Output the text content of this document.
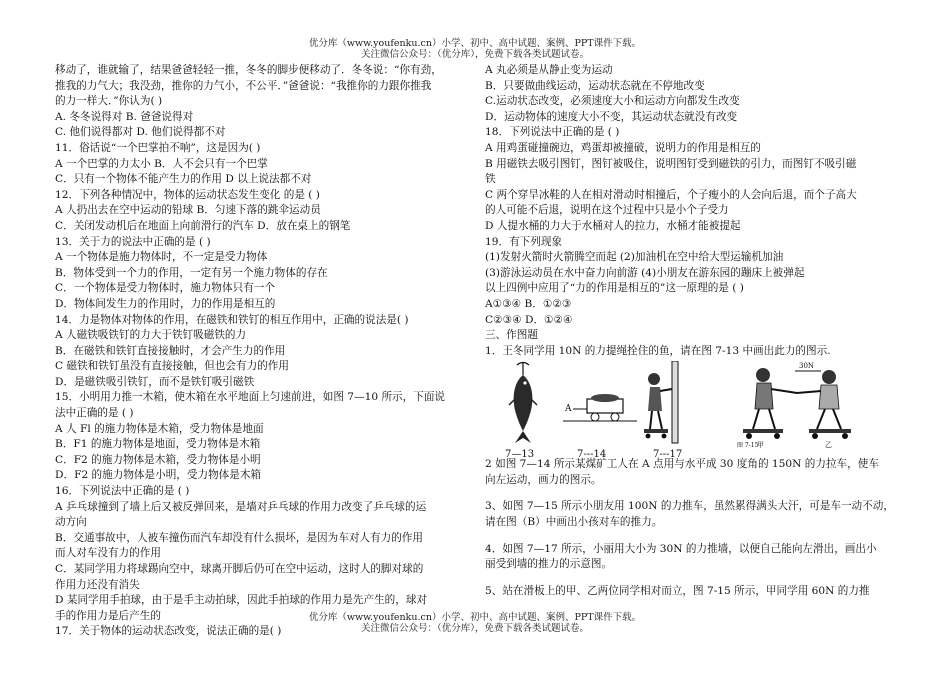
优分库（www.youfenku.cn）小学、初中、高中试题、案例、PPT课件下载。
关注微信公众号：（优分库），免费下载各类试题试卷。
移动了，谁就输了，结果爸爸轻轻一推，冬冬的脚步便移动了．冬冬说：“你有劲，
推我的力气大；我没劲，推你的力气小，不公平．”爸爸说：“我推你的力跟你推我
的力一样大．”你认为( )
A. 冬冬说得对 B. 爸爸说得对
C. 他们说得都对 D. 他们说得都不对
11．俗话说“一个巴掌拍不响”，这是因为( )
A 一个巴掌的力太小 B．人不会只有一个巴掌
C．只有一个物体不能产生力的作用 D 以上说法都不对
12．下列各种情况中，物体的运动状态发生变化 的是 ( )
A 人扔出去在空中运动的铅球 B．匀速下落的跳伞运动员
C．关闭发动机后在地面上向前滑行的汽车 D．放在桌上的钢笔
13．关于力的说法中正确的是 ( )
A 一个物体是施力物体时，不一定是受力物体
B．物体受到一个力的作用，一定有另一个施力物体的存在
C．一个物体是受力物体时，施力物体只有一个
D．物体间发生力的作用时，力的作用是相互的
14．力是物体对物体的作用，在磁铁和铁钉的相互作用中，正确的说法是( )
A 人磁铁吸铁钉的力大于铁钉吸磁铁的力
B．在磁铁和铁钉直接接触时，才会产生力的作用
C 磁铁和铁钉虽没有直接接触，但也会有力的作用
D．是磁铁吸引铁钉，而不是铁钉吸引磁铁
15．小明用力推一木箱，使木箱在水平地面上匀速前进，如图 7—10 所示，下面说
法中正确的是 ( )
A 人 Fl 的施力物体是木箱，受力物体是地面
B．F1 的施力物体是地面，受力物体是木箱
C．F2 的施力物体是木箱，受力物体是小明
D．F2 的施力物体是小明，受力物体是木箱
16．下列说法中正确的是 ( )
A 乒乓球撞到了墙上后又被反弹回来，是墙对乒乓球的作用力改变了乒乓球的运
动方向
B．交通事故中，人被车撞伤而汽车却没有什么损坏，是因为车对人有力的作用
而人对车没有力的作用
C．某同学用力将球踢向空中，球离开脚后仍可在空中运动，这时人的脚对球的
作用力还没有消失
D 某同学用手拍球，由于是手主动拍球，因此手拍球的作用力是先产生的，球对
手的作用力是后产生的
17．关于物体的运动状态改变，说法正确的是( )
A 丸必须是从静止变为运动
B．只要做曲线运动，运动状态就在不停地改变
C.运动状态改变，必须速度大小和运动方向都发生改变
D．运动物体的速度大小不变，其运动状态就没有改变
18．下列说法中正确的是 ( )
A 用鸡蛋碰撞碗边，鸡蛋却被撞破，说明力的作用是相互的
B 用磁铁去吸引图钉，图钉被吸住，说明图钉受到磁铁的引力，而图钉不吸引磁
铁
C 两个穿旱冰鞋的人在相对滑动时相撞后，个子瘦小的人会向后退，而个子高大
的人可能不后退，说明在这个过程中只是小个子受力
D 人提水桶的力大于水桶对人的拉力，水桶才能被提起
19．有下列现象
(1)发射火箭时火箭腾空而起 (2)加油机在空中给大型运输机加油
(3)游泳运动员在水中奋力向前游 (4)小朋友在游东园的蹦床上被弹起
以上四例中应用了“力的作用是相互的”这一原理的是 ( )
A①③④ B．①②③
C②③④ D．①②④
三、作图题
1．王冬同学用 10N 的力提绳拴住的鱼，请在图 7-13 中画出此力的图示.
A
30N
甲	乙
图 7-15
7—13	7---14	7---17
2 如图 7—14 所示某煤矿工人在 A 点用与水平成 30 度角的 150N 的力拉车，使车
向左运动，画力的图示。
3、如图 7—15 所示小朋友用 100N 的力推车，虽然累得满头大汗，可是车一动不动，
请在图（B）中画出小孩对车的推力。
4．如图 7—17 所示，小丽用大小为 30N 的力推墙，以便自己能向左滑出，画出小
丽受到墙的推力的示意图。
5、站在滑板上的甲、乙两位同学相对而立，图 7-15 所示，甲同学用 60N 的力推
优分库（www.youfenku.cn）小学、初中、高中试题、案例、PPT课件下载。
关注微信公众号：（优分库），免费下载各类试题试卷。
